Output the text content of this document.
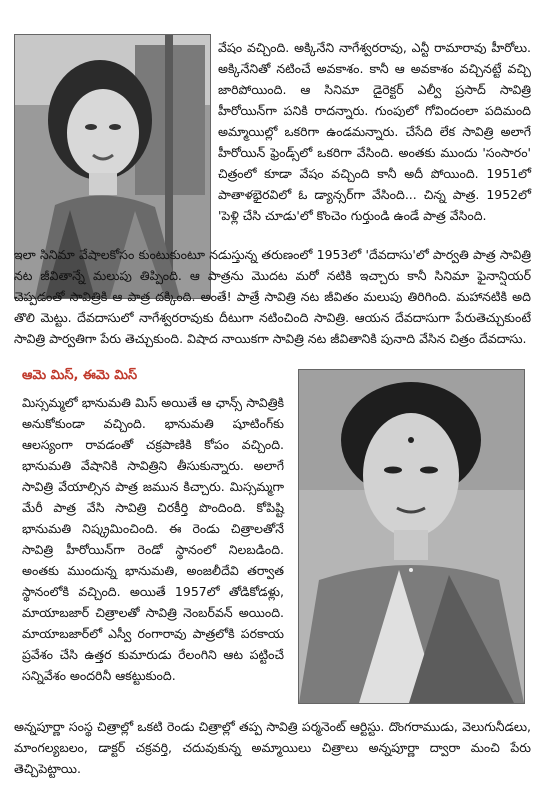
వేషం వచ్చింది. అక్కినేని నాగేశ్వరరావు, ఎన్టీ రామారావు హీరోలు. అక్కినేనితో నటించే అవకాశం. కానీ ఆ అవకాశం వచ్చినట్టే వచ్చి జారిపోయింది. ఆ సినిమా డైరెక్టర్ ఎల్వీ ప్రసాద్ సావిత్రి హీరోయిన్‌గా పనికి రాదన్నారు. గుంపులో గోవిందంలా పదిమంది అమ్మాయిల్లో ఒకరిగా ఉండమన్నారు. చేసేది లేక సావిత్రి అలాగే హీరోయిన్ ఫ్రెండ్స్‌లో ఒకరిగా వేసింది. అంతకు ముందు 'సంసారం' చిత్రంలో కూడా వేషం వచ్చింది కానీ అదీ పోయింది. 1951లో పాతాళభైరవిలో ఓ డ్యాన్సర్‌గా వేసింది... చిన్న పాత్ర. 1952లో 'పెళ్లి చేసి చూడు'లో కొంచెం గుర్తుండి ఉండే పాత్ర వేసింది.

ఇలా సినిమా వేషాలకోసం కుంటుకుంటూ నడుస్తున్న తరుణంలో 1953లో 'దేవదాసు'లో పార్వతి పాత్ర సావిత్రి నట జీవితాన్నే మలుపు తిప్పింది. ఆ పాత్రను మొదట మరో నటికి ఇచ్చారు కానీ సినిమా ఫైనాన్షియర్ చెప్పడంతో సావిత్రికి ఆ పాత్ర దక్కింది. అంతే! పాత్రే సావిత్రి నట జీవితం మలుపు తిరిగింది. మహానటికి అది తొలి మెట్టు. దేవదాసులో నాగేశ్వరరావుకు దీటుగా నటించింది సావిత్రి. ఆయన దేవదాసుగా పేరుతెచ్చుకుంటే సావిత్రి పార్వతిగా పేరు తెచ్చుకుంది. విషాద నాయికగా సావిత్రి నట జీవితానికి పునాది వేసిన చిత్రం దేవదాసు.

ఆమె మిస్, ఈమె మిస్

మిస్సమ్మలో భానుమతి మిస్ అయితే ఆ ఛాన్స్ సావిత్రికి అనుకోకుండా వచ్చింది. భానుమతి షూటింగ్‌కు ఆలస్యంగా రావడంతో చక్రపాణికి కోపం వచ్చింది. భానుమతి వేషానికి సావిత్రిని తీసుకున్నారు. అలాగే సావిత్రి వేయాల్సిన పాత్ర జమున కిచ్చారు. మిస్సమ్మగా మేరీ పాత్ర వేసి సావిత్రి చిరకీర్తి పొందింది. కోపిష్టి భానుమతి నిష్క్రమించింది. ఈ రెండు చిత్రాలతోనే సావిత్రి హీరోయిన్‌గా రెండో స్థానంలో నిలబడింది. అంతకు ముందున్న భానుమతి, అంజలీదేవి తర్వాత స్థానంలోకి వచ్చింది. అయితే 1957లో తోడికోడళ్లు, మాయాబజార్ చిత్రాలతో సావిత్రి నెంబర్‌వన్ అయింది. మాయాబజార్‌లో ఎస్వీ రంగారావు పాత్రలోకి పరకాయ ప్రవేశం చేసి ఉత్తర కుమారుడు రేలంగిని ఆట పట్టించే సన్నివేశం అందరినీ ఆకట్టుకుంది.

అన్నపూర్ణా సంస్థ చిత్రాల్లో ఒకటి రెండు చిత్రాల్లో తప్ప సావిత్రి పర్మనెంట్ ఆర్టిస్టు. దొంగరాముడు, వెలుగునీడలు, మాంగల్యబలం, డాక్టర్ చక్రవర్తి, చదువుకున్న అమ్మాయిలు చిత్రాలు అన్నపూర్ణా ద్వారా మంచి పేరు తెచ్చిపెట్టాయి.
